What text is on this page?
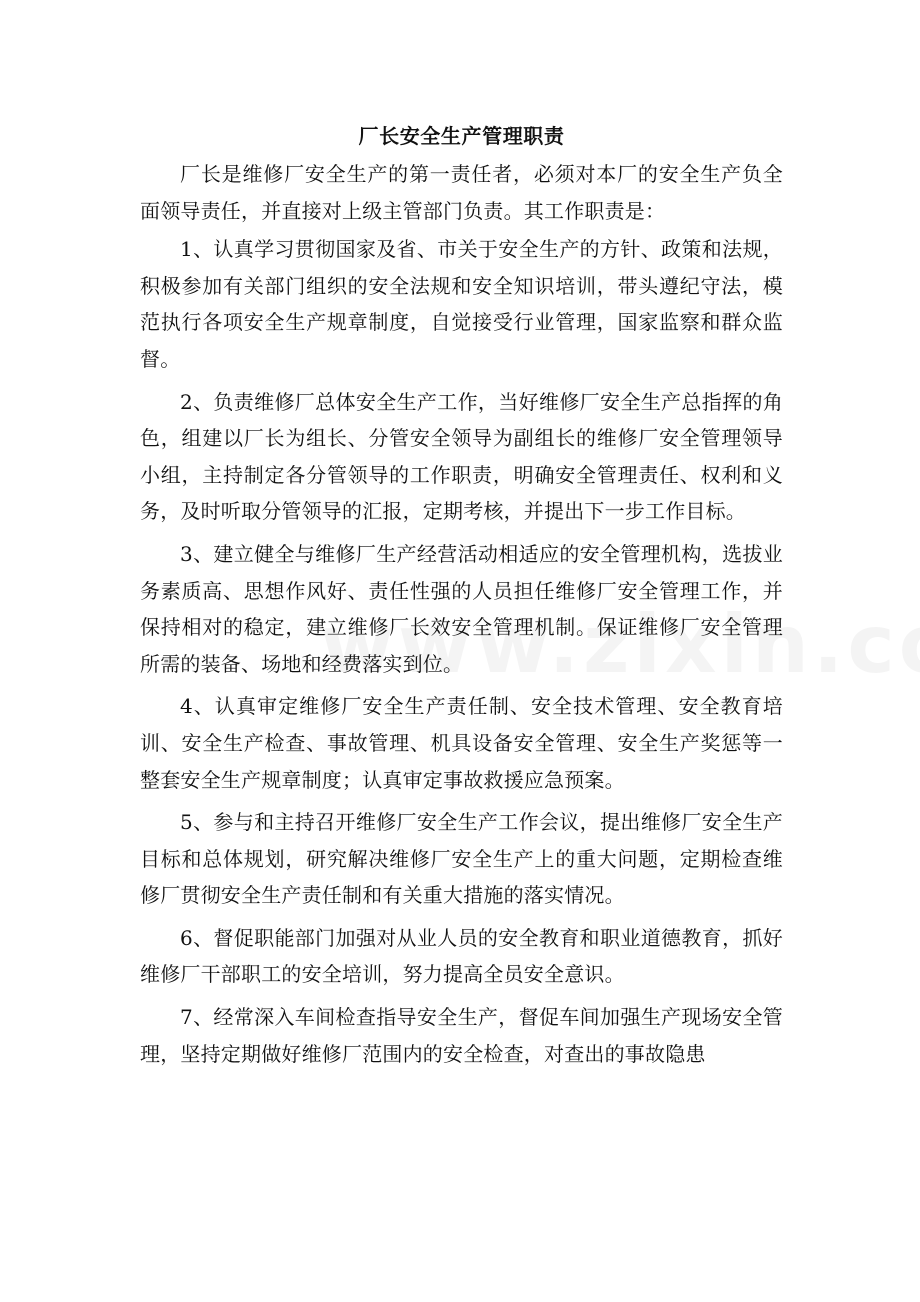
厂长安全生产管理职责

厂长是维修厂安全生产的第一责任者，必须对本厂的安全生产负全面领导责任，并直接对上级主管部门负责。其工作职责是：

1、认真学习贯彻国家及省、市关于安全生产的方针、政策和法规，积极参加有关部门组织的安全法规和安全知识培训，带头遵纪守法，模范执行各项安全生产规章制度，自觉接受行业管理，国家监察和群众监督。

2、负责维修厂总体安全生产工作，当好维修厂安全生产总指挥的角色，组建以厂长为组长、分管安全领导为副组长的维修厂安全管理领导小组，主持制定各分管领导的工作职责，明确安全管理责任、权利和义务，及时听取分管领导的汇报，定期考核，并提出下一步工作目标。

3、建立健全与维修厂生产经营活动相适应的安全管理机构，选拔业务素质高、思想作风好、责任性强的人员担任维修厂安全管理工作，并保持相对的稳定，建立维修厂长效安全管理机制。保证维修厂安全管理所需的装备、场地和经费落实到位。

4、认真审定维修厂安全生产责任制、安全技术管理、安全教育培训、安全生产检查、事故管理、机具设备安全管理、安全生产奖惩等一整套安全生产规章制度；认真审定事故救援应急预案。

5、参与和主持召开维修厂安全生产工作会议，提出维修厂安全生产目标和总体规划，研究解决维修厂安全生产上的重大问题，定期检查维修厂贯彻安全生产责任制和有关重大措施的落实情况。

6、督促职能部门加强对从业人员的安全教育和职业道德教育，抓好维修厂干部职工的安全培训，努力提高全员安全意识。

7、经常深入车间检查指导安全生产，督促车间加强生产现场安全管理，坚持定期做好维修厂范围内的安全检查，对查出的事故隐患
